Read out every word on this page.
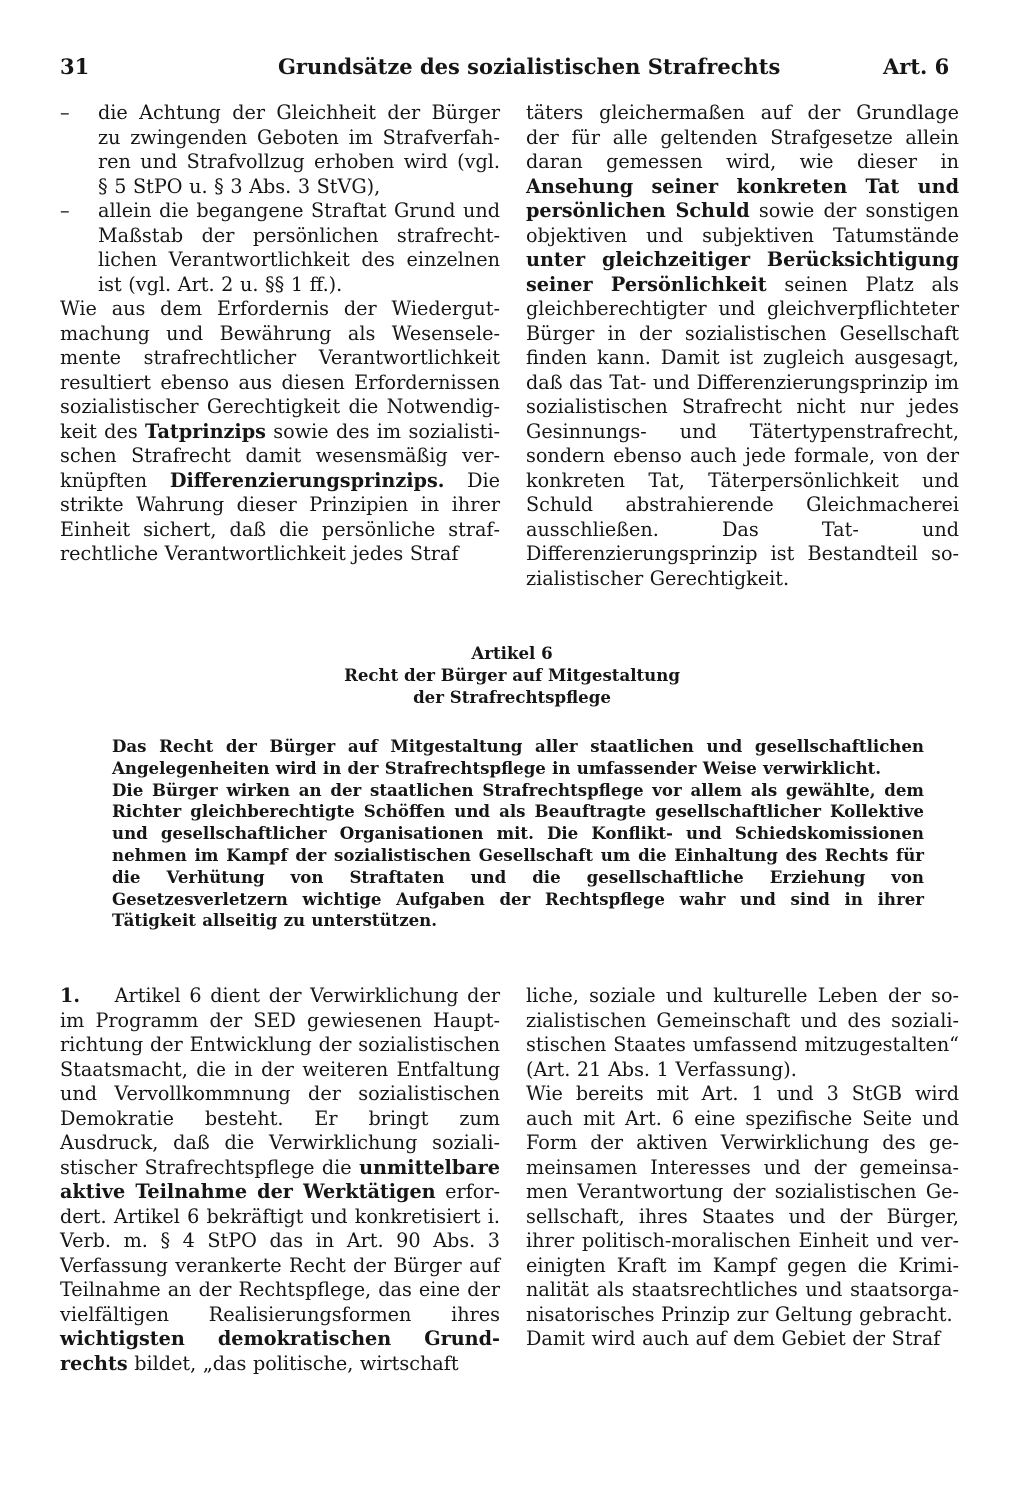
31	Grundsätze des sozialistischen Strafrechts	Art. 6

– die Achtung der Gleichheit der Bürger zu zwingenden Geboten im Strafverfahren und Strafvollzug erhoben wird (vgl. § 5 StPO u. § 3 Abs. 3 StVG),

– allein die begangene Straftat Grund und Maßstab der persönlichen strafrechtlichen Verantwortlichkeit des einzelnen ist (vgl. Art. 2 u. §§ 1 ff.).

Wie aus dem Erfordernis der Wiedergutmachung und Bewährung als Wesenselemente strafrechtlicher Verantwortlichkeit resultiert ebenso aus diesen Erfordernissen sozialistischer Gerechtigkeit die Notwendigkeit des Tatprinzips sowie des im sozialistischen Strafrecht damit wesensmäßig verknüpften Differenzierungsprinzips. Die strikte Wahrung dieser Prinzipien in ihrer Einheit sichert, daß die persönliche strafrechtliche Verantwortlichkeit jedes Straf

täters gleichermaßen auf der Grundlage der für alle geltenden Strafgesetze allein daran gemessen wird, wie dieser in Ansehung seiner konkreten Tat und persönlichen Schuld sowie der sonstigen objektiven und subjektiven Tatumstände unter gleichzeitiger Berücksichtigung seiner Persönlichkeit seinen Platz als gleichberechtigter und gleichverpflichteter Bürger in der sozialistischen Gesellschaft finden kann. Damit ist zugleich ausgesagt, daß das Tat- und Differenzierungsprinzip im sozialistischen Strafrecht nicht nur jedes Gesinnungs- und Tätertypenstrafrecht, sondern ebenso auch jede formale, von der konkreten Tat, Täterpersönlichkeit und Schuld abstrahierende Gleichmacherei ausschließen. Das Tat- und Differenzierungsprinzip ist Bestandteil sozialistischer Gerechtigkeit.

Artikel 6
Recht der Bürger auf Mitgestaltung
der Strafrechtspflege

Das Recht der Bürger auf Mitgestaltung aller staatlichen und gesellschaftlichen Angelegenheiten wird in der Strafrechtspflege in umfassender Weise verwirklicht.

Die Bürger wirken an der staatlichen Strafrechtspflege vor allem als gewählte, dem Richter gleichberechtigte Schöffen und als Beauftragte gesellschaftlicher Kollektive und gesellschaftlicher Organisationen mit. Die Konflikt- und Schiedskomissionen nehmen im Kampf der sozialistischen Gesellschaft um die Einhaltung des Rechts für die Verhütung von Straftaten und die gesellschaftliche Erziehung von Gesetzesverletzern wichtige Aufgaben der Rechtspflege wahr und sind in ihrer Tätigkeit allseitig zu unterstützen.

1. Artikel 6 dient der Verwirklichung der im Programm der SED gewiesenen Hauptrichtung der Entwicklung der sozialistischen Staatsmacht, die in der weiteren Entfaltung und Vervollkommnung der sozialistischen Demokratie besteht. Er bringt zum Ausdruck, daß die Verwirklichung sozialistischer Strafrechtspflege die unmittelbare aktive Teilnahme der Werktätigen erfordert. Artikel 6 bekräftigt und konkretisiert i. Verb. m. § 4 StPO das in Art. 90 Abs. 3 Verfassung verankerte Recht der Bürger auf Teilnahme an der Rechtspflege, das eine der vielfältigen Realisierungsformen ihres wichtigsten demokratischen Grundrechts bildet, „das politische, wirtschaft

liche, soziale und kulturelle Leben der sozialistischen Gemeinschaft und des sozialistischen Staates umfassend mitzugestalten“ (Art. 21 Abs. 1 Verfassung).

Wie bereits mit Art. 1 und 3 StGB wird auch mit Art. 6 eine spezifische Seite und Form der aktiven Verwirklichung des gemeinsamen Interesses und der gemeinsamen Verantwortung der sozialistischen Gesellschaft, ihres Staates und der Bürger, ihrer politisch-moralischen Einheit und vereinigten Kraft im Kampf gegen die Kriminalität als staatsrechtliches und staatsorganisatorisches Prinzip zur Geltung gebracht.

Damit wird auch auf dem Gebiet der Straf
